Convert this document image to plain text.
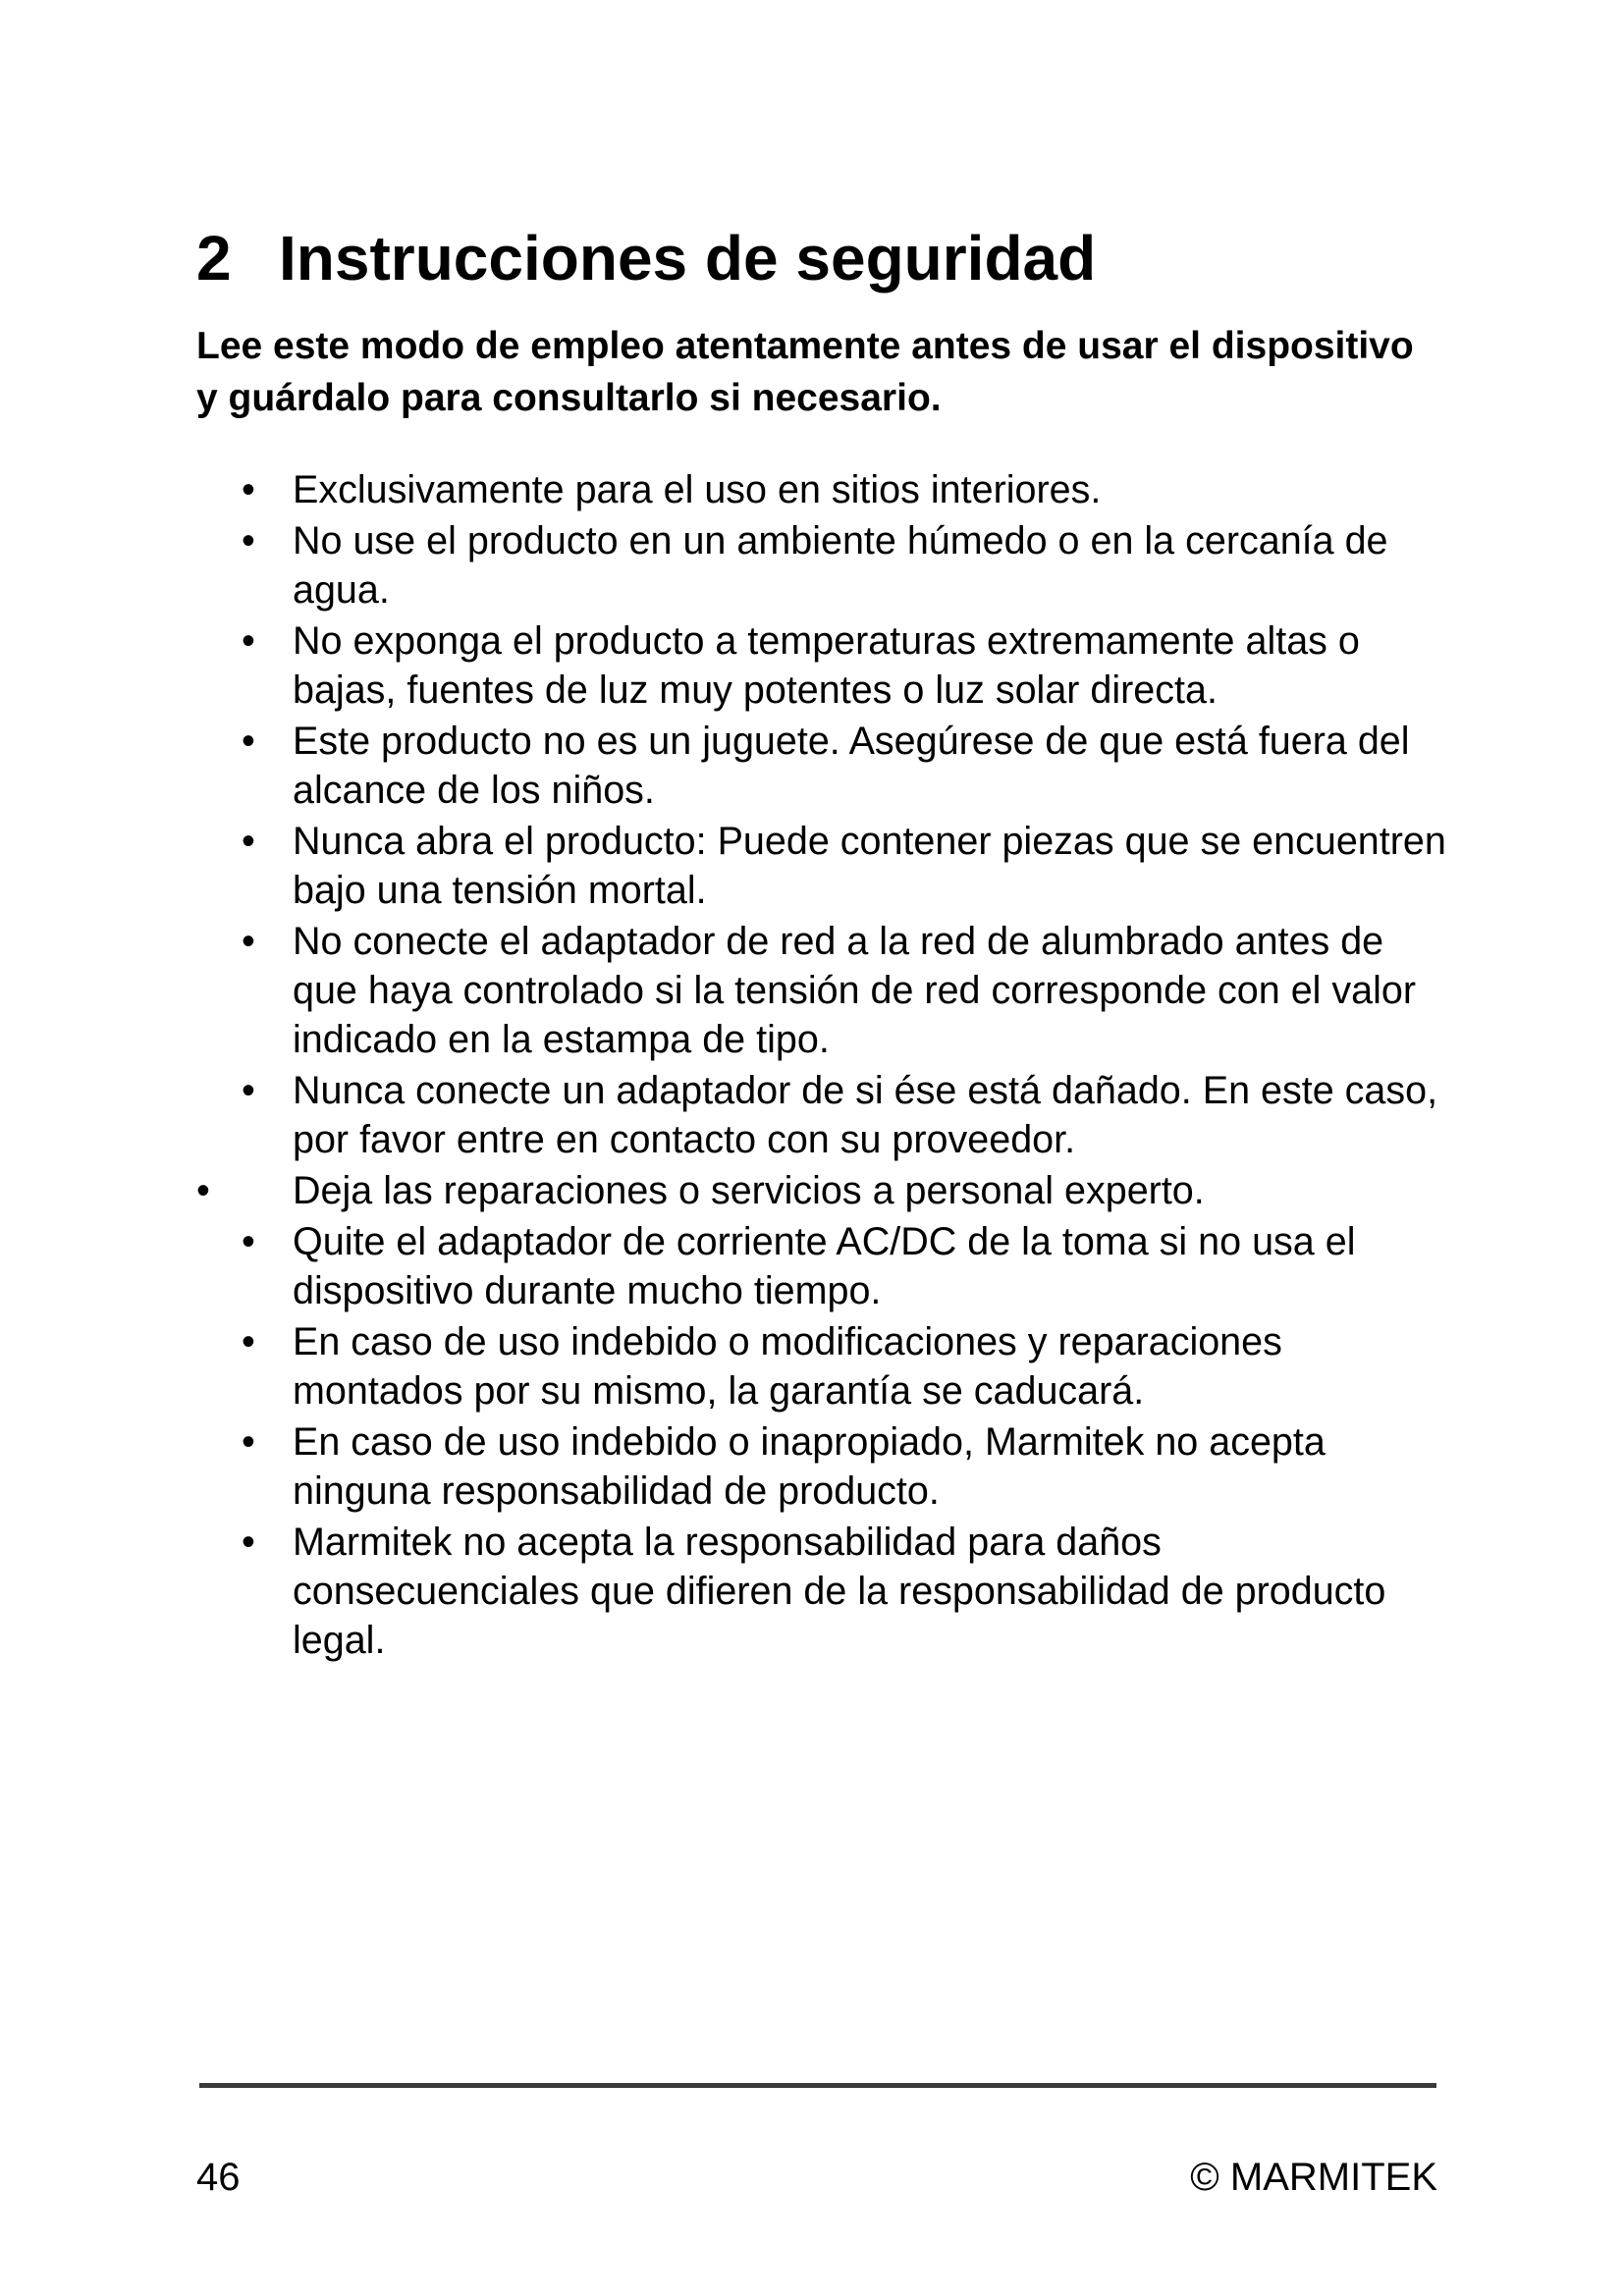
2 Instrucciones de seguridad

Lee este modo de empleo atentamente antes de usar el dispositivo y guárdalo para consultarlo si necesario.

• Exclusivamente para el uso en sitios interiores.
• No use el producto en un ambiente húmedo o en la cercanía de agua.
• No exponga el producto a temperaturas extremamente altas o bajas, fuentes de luz muy potentes o luz solar directa.
• Este producto no es un juguete. Asegúrese de que está fuera del alcance de los niños.
• Nunca abra el producto: Puede contener piezas que se encuentren bajo una tensión mortal.
• No conecte el adaptador de red a la red de alumbrado antes de que haya controlado si la tensión de red corresponde con el valor indicado en la estampa de tipo.
• Nunca conecte un adaptador de si ése está dañado. En este caso, por favor entre en contacto con su proveedor.
• Deja las reparaciones o servicios a personal experto.
• Quite el adaptador de corriente AC/DC de la toma si no usa el dispositivo durante mucho tiempo.
• En caso de uso indebido o modificaciones y reparaciones montados por su mismo, la garantía se caducará.
• En caso de uso indebido o inapropiado, Marmitek no acepta ninguna responsabilidad de producto.
• Marmitek no acepta la responsabilidad para daños consecuenciales que difieren de la responsabilidad de producto legal.
46	© MARMITEK
